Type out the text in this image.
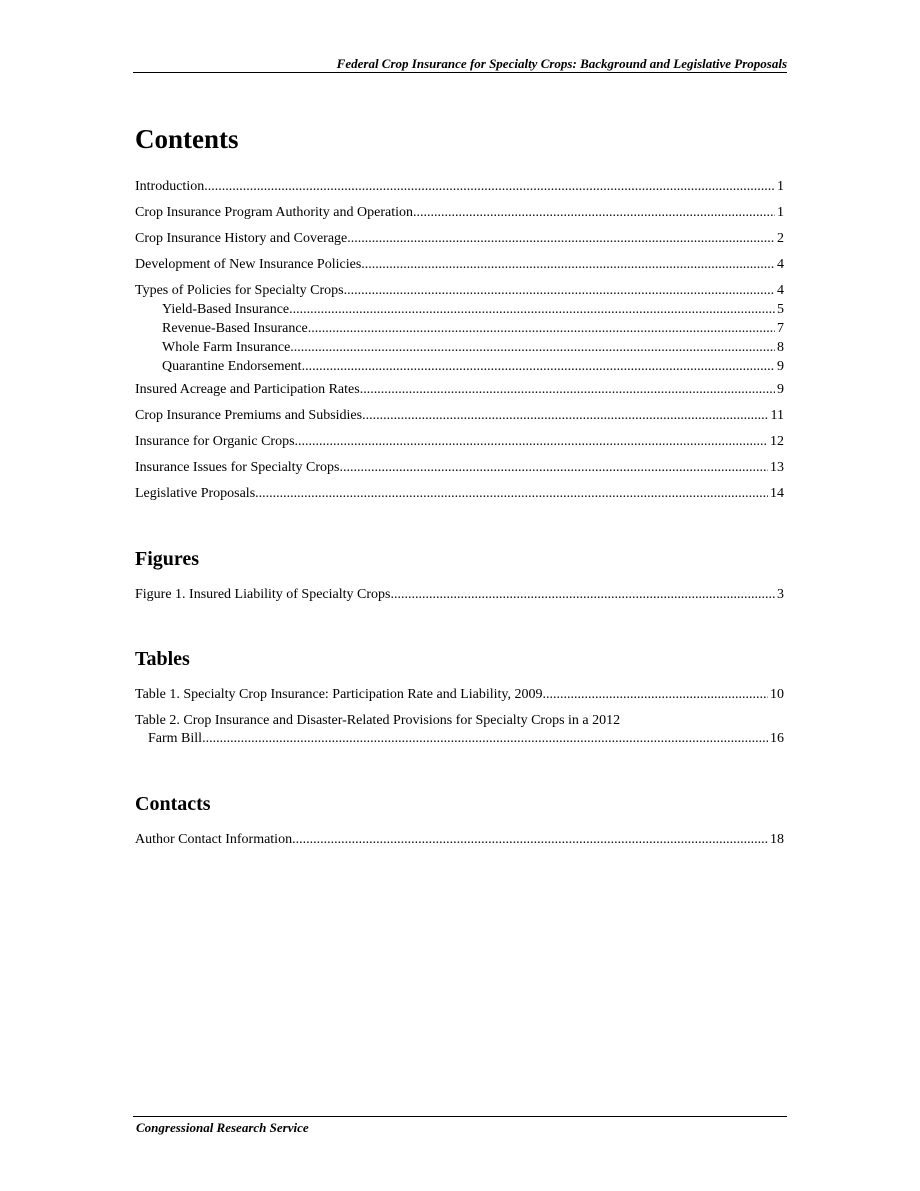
Federal Crop Insurance for Specialty Crops: Background and Legislative Proposals
Contents
Introduction .....	1
Crop Insurance Program Authority and Operation .....	1
Crop Insurance History and Coverage .....	2
Development of New Insurance Policies .....	4
Types of Policies for Specialty Crops .....	4
Yield-Based Insurance .....	5
Revenue-Based Insurance .....	7
Whole Farm Insurance .....	8
Quarantine Endorsement .....	9
Insured Acreage and Participation Rates .....	9
Crop Insurance Premiums and Subsidies .....	11
Insurance for Organic Crops .....	12
Insurance Issues for Specialty Crops .....	13
Legislative Proposals .....	14
Figures
Figure 1. Insured Liability of Specialty Crops .....	3
Tables
Table 1. Specialty Crop Insurance: Participation Rate and Liability, 2009 .....	10
Table 2. Crop Insurance and Disaster-Related Provisions for Specialty Crops in a 2012
Farm Bill .....	16
Contacts
Author Contact Information .....	18
Congressional Research Service
